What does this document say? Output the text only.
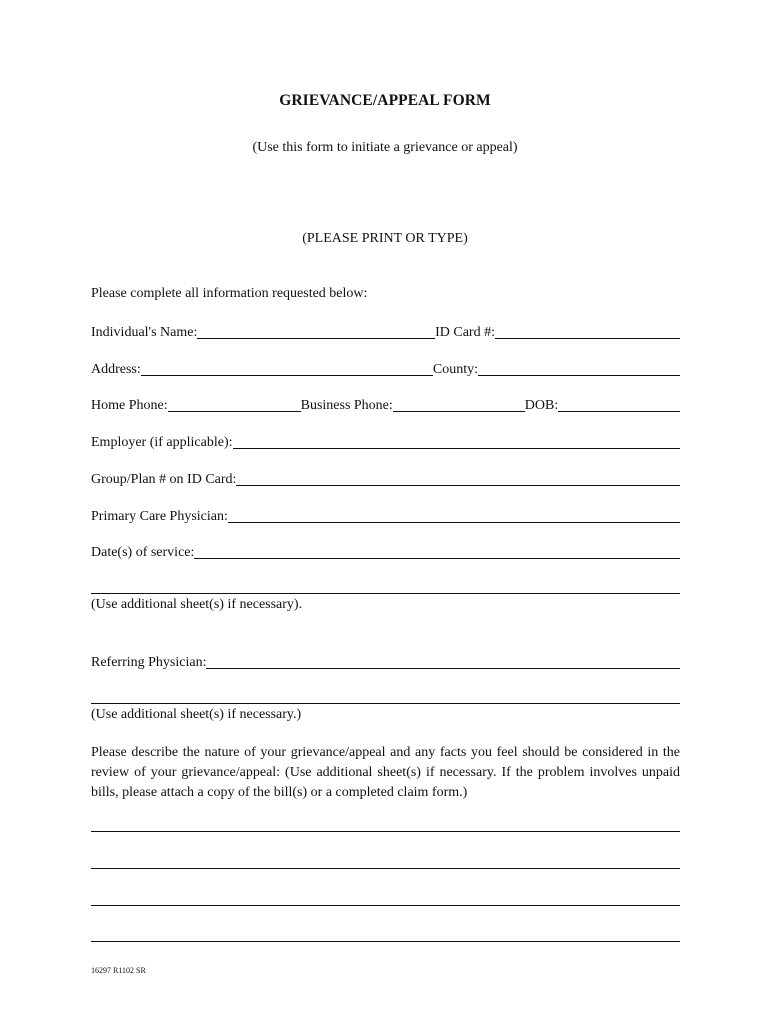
GRIEVANCE/APPEAL FORM
(Use this form to initiate a grievance or appeal)
(PLEASE PRINT OR TYPE)
Please complete all information requested below:
Individual's Name:	ID Card #:
Address:	County:
Home Phone:	Business Phone:	DOB:
Employer (if applicable):
Group/Plan # on ID Card:
Primary Care Physician:
Date(s) of service:
(Use additional sheet(s) if necessary).
Referring Physician:
(Use additional sheet(s) if necessary.)
Please describe the nature of your grievance/appeal and any facts you feel should be considered in the review of your grievance/appeal: (Use additional sheet(s) if necessary. If the problem involves unpaid bills, please attach a copy of the bill(s) or a completed claim form.)
16297 R1102 SR
